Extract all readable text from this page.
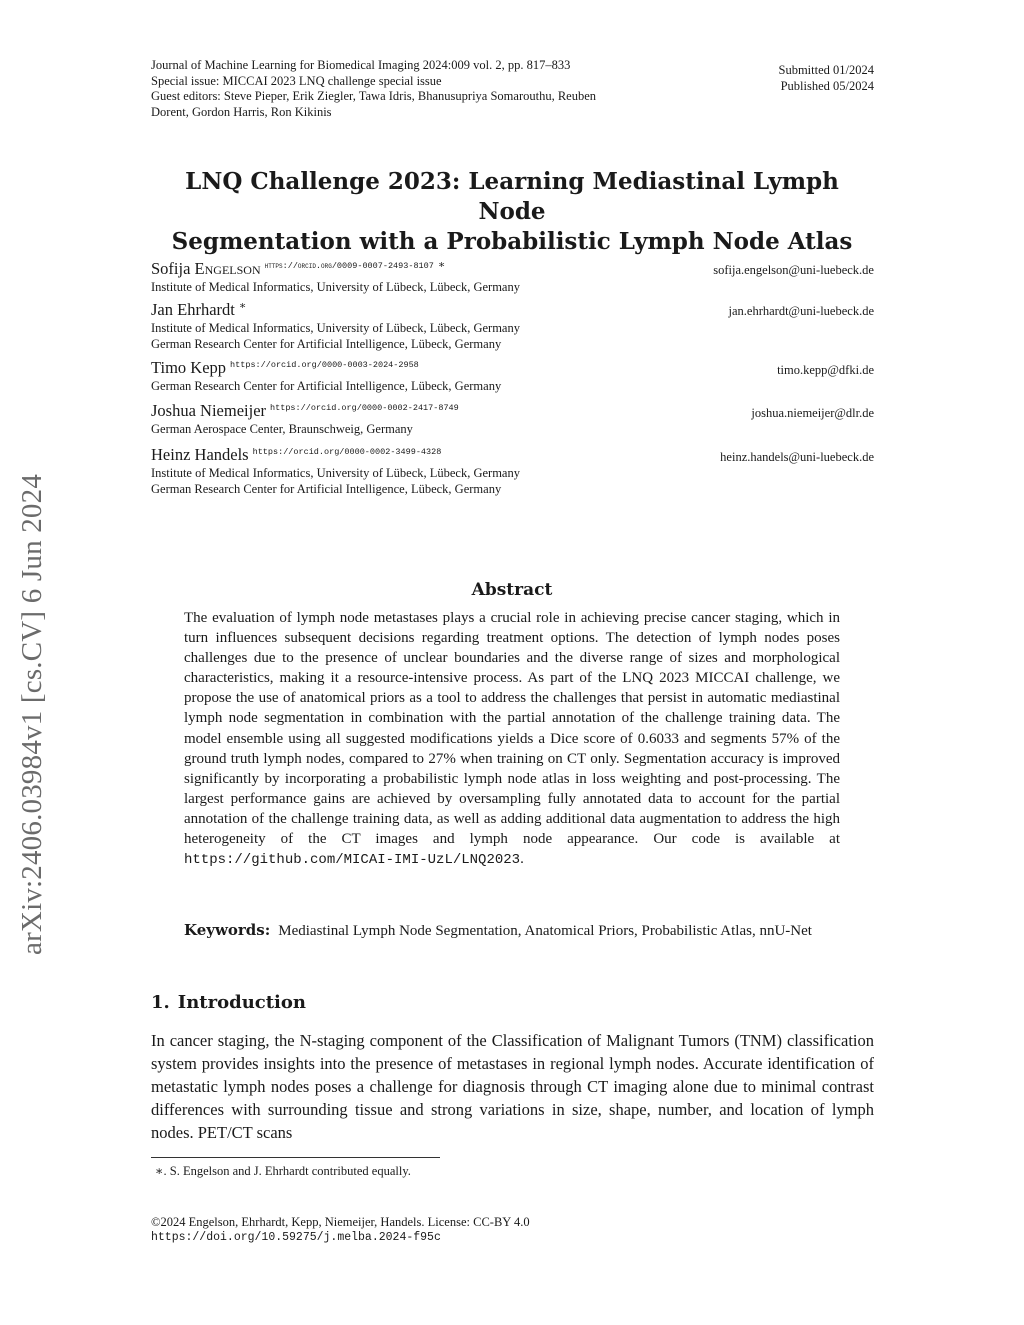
Journal of Machine Learning for Biomedical Imaging 2024:009 vol. 2, pp. 817–833
Special issue: MICCAI 2023 LNQ challenge special issue
Guest editors: Steve Pieper, Erik Ziegler, Tawa Idris, Bhanusupriya Somarouthu, Reuben
Dorent, Gordon Harris, Ron Kikinis
Submitted 01/2024
Published 05/2024
arXiv:2406.03984v1 [cs.CV] 6 Jun 2024
LNQ Challenge 2023: Learning Mediastinal Lymph Node
Segmentation with a Probabilistic Lymph Node Atlas
Sofija Engelson $^{https://orcid.org/0009-0007-2493-8107}$ ∗
Institute of Medical Informatics, University of Lübeck, Lübeck, Germany
sofija.engelson@uni-luebeck.de
Jan Ehrhardt ∗
Institute of Medical Informatics, University of Lübeck, Lübeck, Germany
German Research Center for Artificial Intelligence, Lübeck, Germany
jan.ehrhardt@uni-luebeck.de
Timo Kepp $^{https://orcid.org/0000-0003-2024-2958}$
German Research Center for Artificial Intelligence, Lübeck, Germany
timo.kepp@dfki.de
Joshua Niemeijer $^{https://orcid.org/0000-0002-2417-8749}$
German Aerospace Center, Braunschweig, Germany
joshua.niemeijer@dlr.de
Heinz Handels $^{https://orcid.org/0000-0002-3499-4328}$
Institute of Medical Informatics, University of Lübeck, Lübeck, Germany
German Research Center for Artificial Intelligence, Lübeck, Germany
heinz.handels@uni-luebeck.de
Abstract
The evaluation of lymph node metastases plays a crucial role in achieving precise cancer staging, which in turn influences subsequent decisions regarding treatment options. The detection of lymph nodes poses challenges due to the presence of unclear boundaries and the diverse range of sizes and morphological characteristics, making it a resource-intensive process. As part of the LNQ 2023 MICCAI challenge, we propose the use of anatomical priors as a tool to address the challenges that persist in automatic mediastinal lymph node segmentation in combination with the partial annotation of the challenge training data. The model ensemble using all suggested modifications yields a Dice score of 0.6033 and segments 57% of the ground truth lymph nodes, compared to 27% when training on CT only. Segmentation accuracy is improved significantly by incorporating a probabilistic lymph node atlas in loss weighting and post-processing. The largest performance gains are achieved by oversampling fully annotated data to account for the partial annotation of the challenge training data, as well as adding additional data augmentation to address the high heterogeneity of the CT images and lymph node appearance. Our code is available at https://github.com/MICAI-IMI-UzL/LNQ2023.
Keywords: Mediastinal Lymph Node Segmentation, Anatomical Priors, Probabilistic Atlas, nnU-Net
1. Introduction
In cancer staging, the N-staging component of the Classification of Malignant Tumors (TNM) classification system provides insights into the presence of metastases in regional lymph nodes. Accurate identification of metastatic lymph nodes poses a challenge for diagnosis through CT imaging alone due to minimal contrast differences with surrounding tissue and strong variations in size, shape, number, and location of lymph nodes. PET/CT scans
∗. S. Engelson and J. Ehrhardt contributed equally.
©2024 Engelson, Ehrhardt, Kepp, Niemeijer, Handels. License: CC-BY 4.0
https://doi.org/10.59275/j.melba.2024-f95c
